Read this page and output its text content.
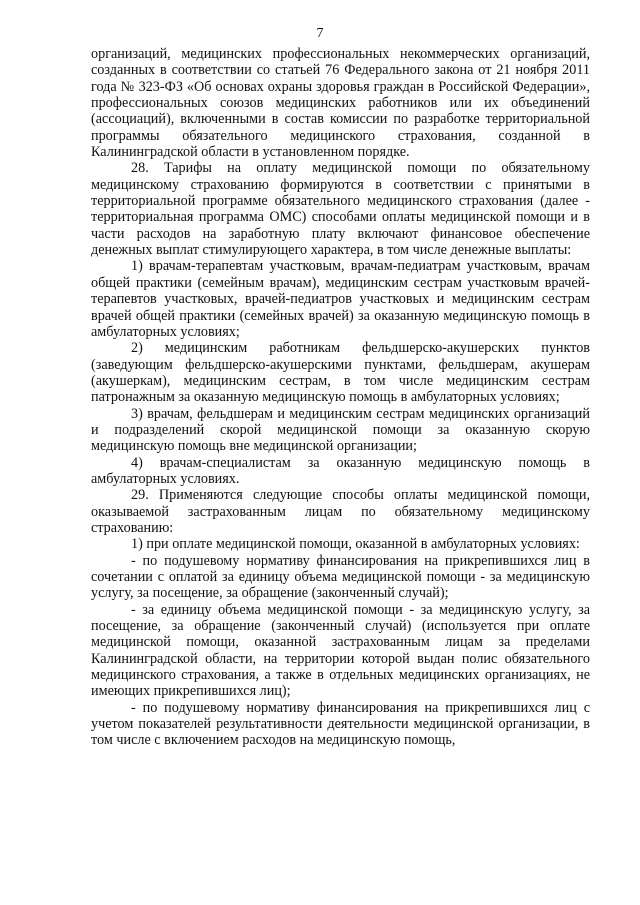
7

организаций, медицинских профессиональных некоммерческих организаций, созданных в соответствии со статьей 76 Федерального закона от 21 ноября 2011 года № 323-ФЗ «Об основах охраны здоровья граждан в Российской Федерации», профессиональных союзов медицинских работников или их объединений (ассоциаций), включенными в состав комиссии по разработке территориальной программы обязательного медицинского страхования, созданной в Калининградской области в установленном порядке.

28. Тарифы на оплату медицинской помощи по обязательному медицинскому страхованию формируются в соответствии с принятыми в территориальной программе обязательного медицинского страхования (далее - территориальная программа ОМС) способами оплаты медицинской помощи и в части расходов на заработную плату включают финансовое обеспечение денежных выплат стимулирующего характера, в том числе денежные выплаты:

1) врачам-терапевтам участковым, врачам-педиатрам участковым, врачам общей практики (семейным врачам), медицинским сестрам участковым врачей-терапевтов участковых, врачей-педиатров участковых и медицинским сестрам врачей общей практики (семейных врачей) за оказанную медицинскую помощь в амбулаторных условиях;

2) медицинским работникам фельдшерско-акушерских пунктов (заведующим фельдшерско-акушерскими пунктами, фельдшерам, акушерам (акушеркам), медицинским сестрам, в том числе медицинским сестрам патронажным за оказанную медицинскую помощь в амбулаторных условиях;

3) врачам, фельдшерам и медицинским сестрам медицинских организаций и подразделений скорой медицинской помощи за оказанную скорую медицинскую помощь вне медицинской организации;

4) врачам-специалистам за оказанную медицинскую помощь в амбулаторных условиях.

29. Применяются следующие способы оплаты медицинской помощи, оказываемой застрахованным лицам по обязательному медицинскому страхованию:

1) при оплате медицинской помощи, оказанной в амбулаторных условиях:

- по подушевому нормативу финансирования на прикрепившихся лиц в сочетании с оплатой за единицу объема медицинской помощи - за медицинскую услугу, за посещение, за обращение (законченный случай);

- за единицу объема медицинской помощи - за медицинскую услугу, за посещение, за обращение (законченный случай) (используется при оплате медицинской помощи, оказанной застрахованным лицам за пределами Калининградской области, на территории которой выдан полис обязательного медицинского страхования, а также в отдельных медицинских организациях, не имеющих прикрепившихся лиц);

- по подушевому нормативу финансирования на прикрепившихся лиц с учетом показателей результативности деятельности медицинской организации, в том числе с включением расходов на медицинскую помощь,
